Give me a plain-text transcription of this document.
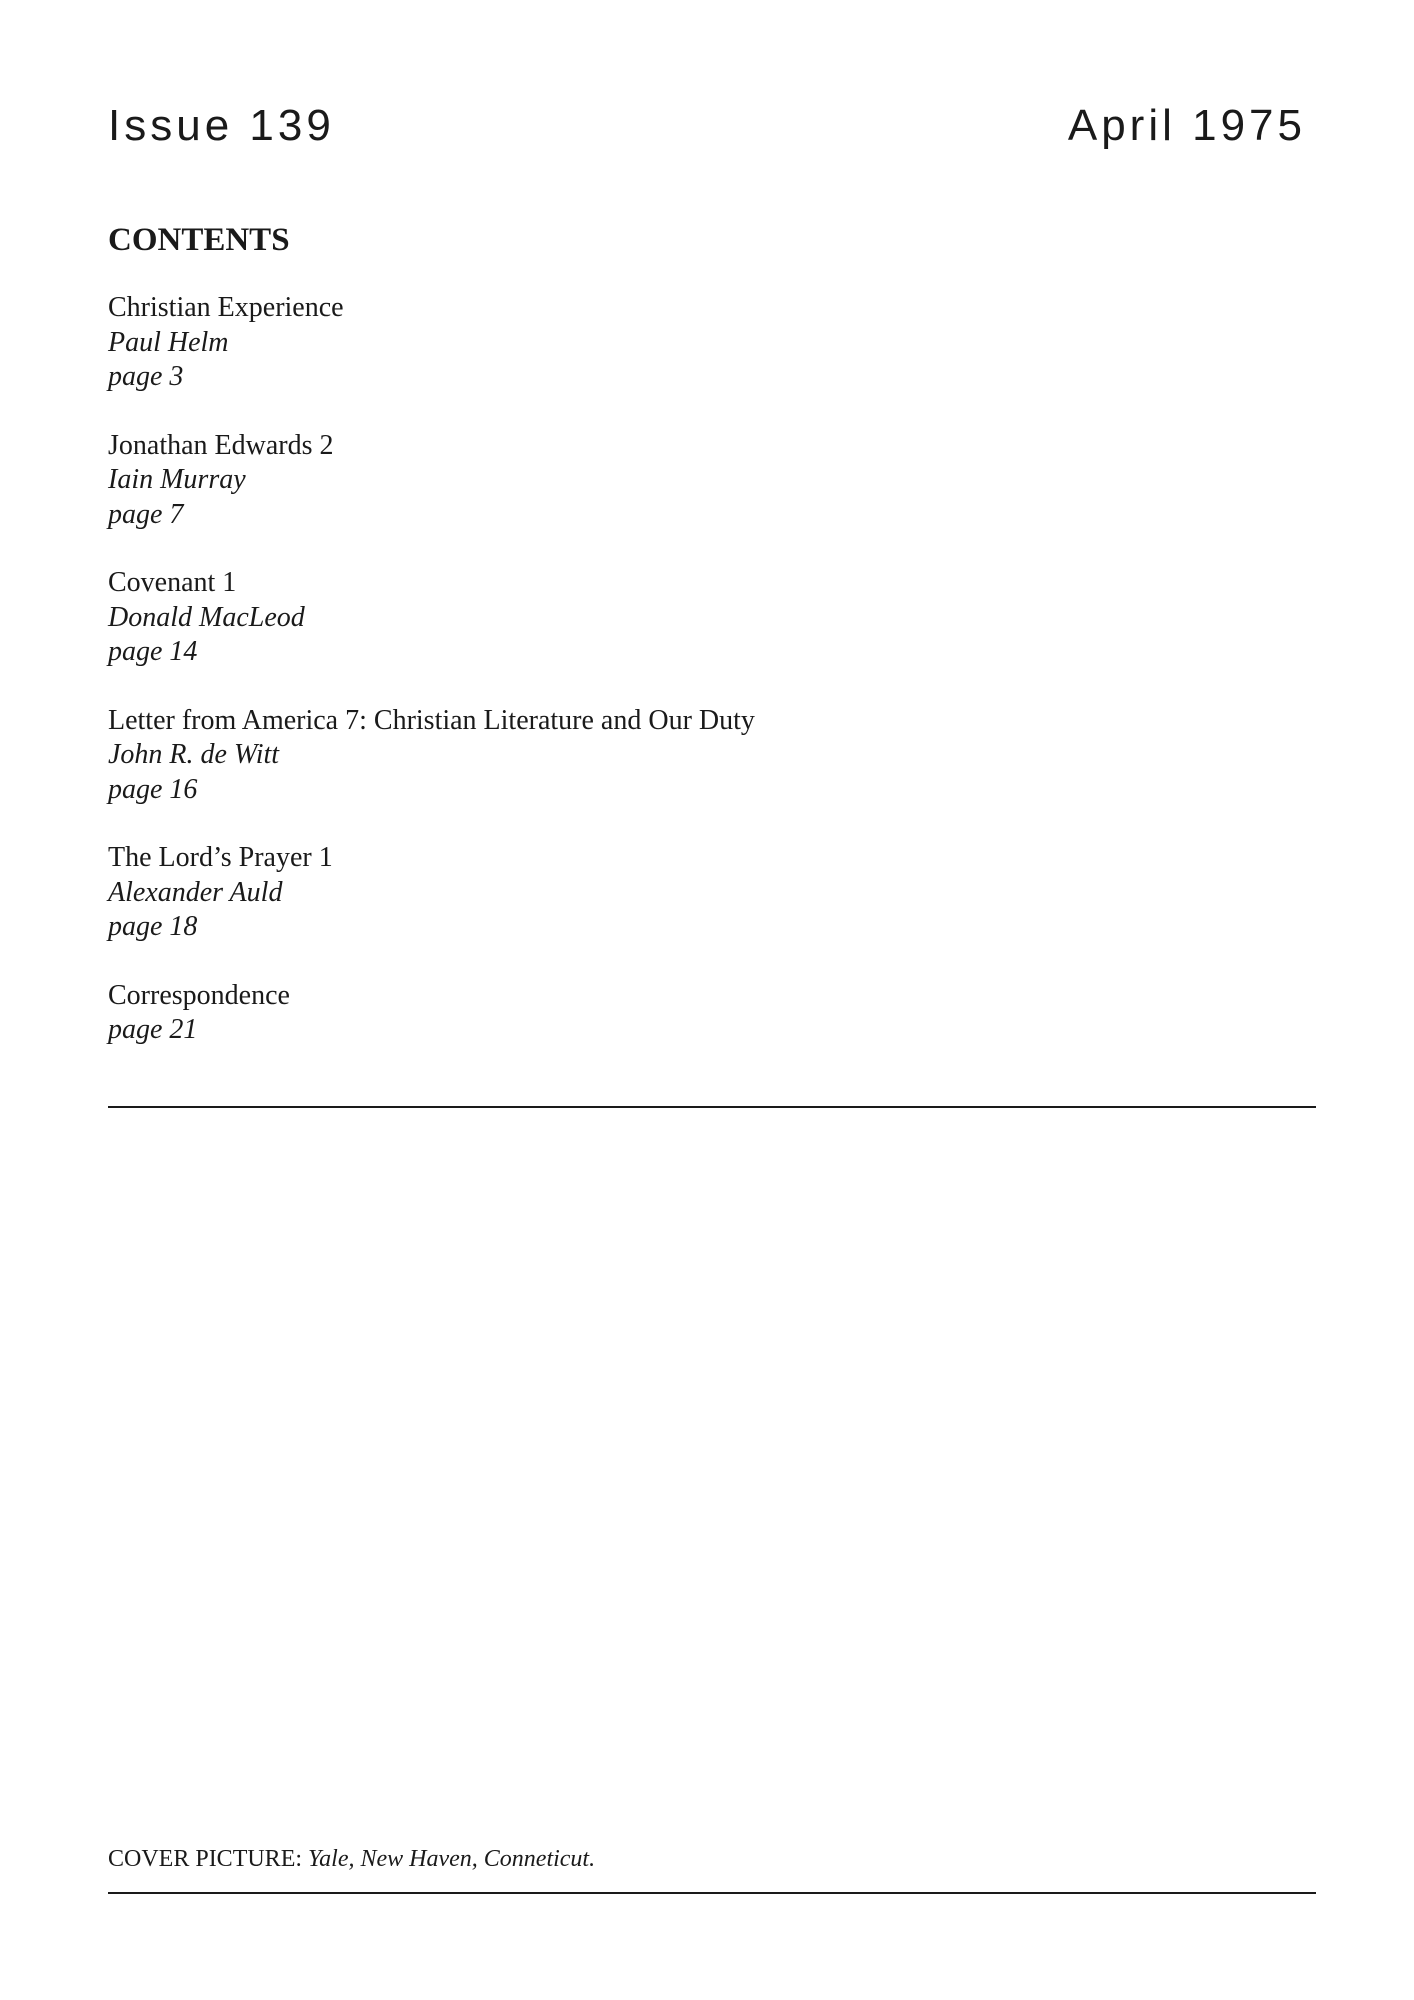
Issue 139	April 1975
CONTENTS
Christian Experience
Paul Helm
page 3
Jonathan Edwards 2
Iain Murray
page 7
Covenant 1
Donald MacLeod
page 14
Letter from America 7: Christian Literature and Our Duty
John R. de Witt
page 16
The Lord’s Prayer 1
Alexander Auld
page 18
Correspondence
page 21
COVER PICTURE: Yale, New Haven, Conneticut.
